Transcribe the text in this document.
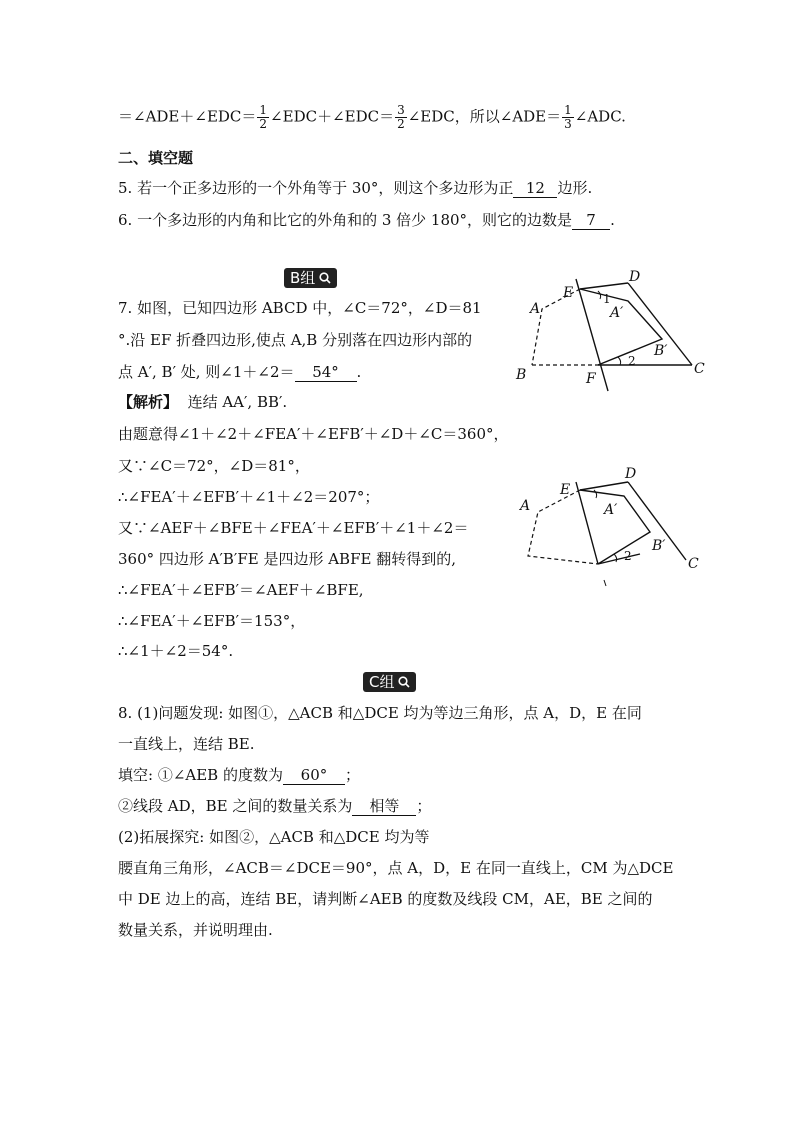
＝∠ADE＋∠EDC＝ $\frac{1}{2}$ ∠EDC＋∠EDC＝ $\frac{3}{2}$ ∠EDC，所以∠ADE＝ $\frac{1}{3}$ ∠ADC.
二、填空题
5. 若一个正多边形的一个外角等于 30°，则这个多边形为正 12 边形.
6. 一个多边形的内角和比它的外角和的 3 倍少 180°，则它的边数是 7 .
B组
7. 如图，已知四边形 ABCD 中，∠C＝72°，∠D＝81
°.沿 EF 折叠四边形,使点 A,B 分别落在四边形内部的
点 A′, B′ 处, 则∠1＋∠2＝ 54° .
【解析】 连结 AA′, BB′.
由题意得∠1＋∠2＋∠FEA′＋∠EFB′＋∠D＋∠C＝360°，
又∵∠C＝72°，∠D＝81°，
∴∠FEA′＋∠EFB′＋∠1＋∠2＝207°；
又∵∠AEF＋∠BFE＋∠FEA′＋∠EFB′＋∠1＋∠2＝
360° 四边形 A′B′FE 是四边形 ABFE 翻转得到的,
∴∠FEA′＋∠EFB′＝∠AEF＋∠BFE,
∴∠FEA′＋∠EFB′＝153°，
∴∠1＋∠2＝54°.
C组
8. (1)问题发现: 如图①，△ACB 和△DCE 均为等边三角形，点 A，D，E 在同
一直线上，连结 BE.
填空: ①∠AEB 的度数为 60° ；
②线段 AD，BE 之间的数量关系为 相等 ；
(2)拓展探究: 如图②，△ACB 和△DCE 均为等
腰直角三角形，∠ACB＝∠DCE＝90°，点 A，D，E 在同一直线上，CM 为△DCE
中 DE 边上的高，连结 BE，请判断∠AEB 的度数及线段 CM，AE，BE 之间的
数量关系，并说明理由.
A
B	C
D
E
F
A′
B′
1
2
A
C
D
E
A′
B′
2
